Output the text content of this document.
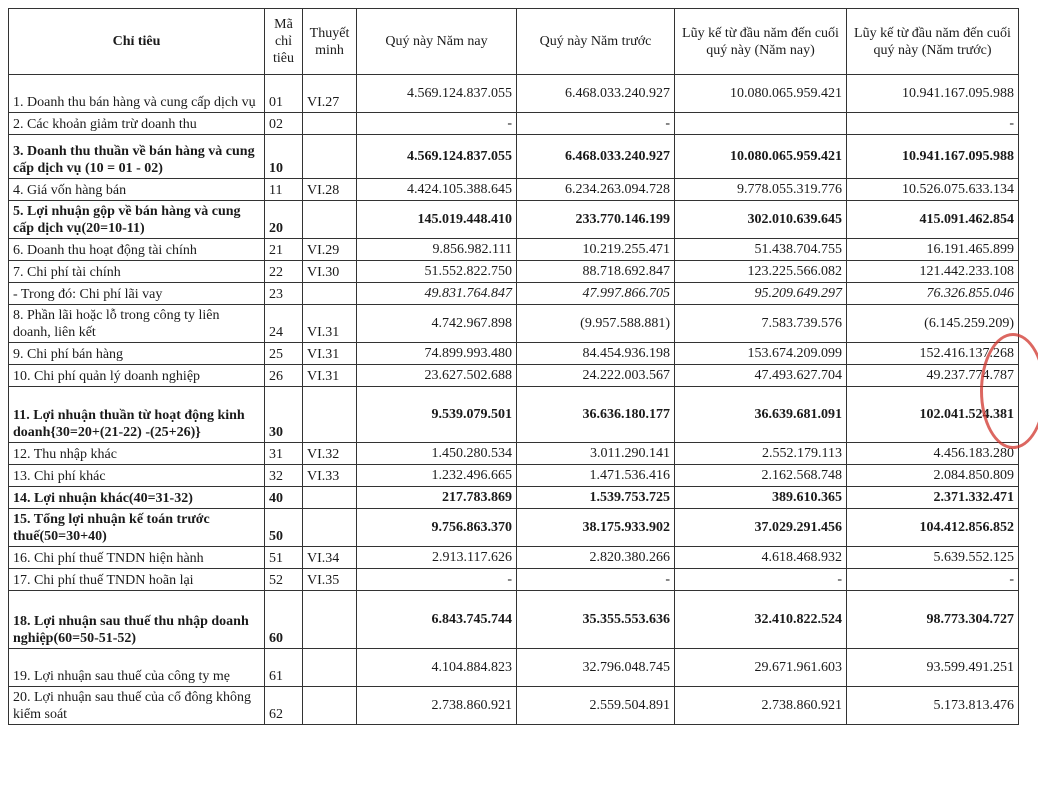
Chỉ tiêu	Mã chỉ tiêu	Thuyết minh	Quý này Năm nay	Quý này Năm trước	Lũy kế từ đầu năm đến cuối quý này (Năm nay)	Lũy kế từ đầu năm đến cuối quý này (Năm trước)
1. Doanh thu bán hàng và cung cấp dịch vụ	01	VI.27	4.569.124.837.055	6.468.033.240.927	10.080.065.959.421	10.941.167.095.988
2. Các khoản giảm trừ doanh thu	02		-	-		-
3. Doanh thu thuần về bán hàng và cung cấp dịch vụ (10 = 01 - 02)	10		4.569.124.837.055	6.468.033.240.927	10.080.065.959.421	10.941.167.095.988
4. Giá vốn hàng bán	11	VI.28	4.424.105.388.645	6.234.263.094.728	9.778.055.319.776	10.526.075.633.134
5. Lợi nhuận gộp về bán hàng và cung cấp dịch vụ(20=10-11)	20		145.019.448.410	233.770.146.199	302.010.639.645	415.091.462.854
6. Doanh thu hoạt động tài chính	21	VI.29	9.856.982.111	10.219.255.471	51.438.704.755	16.191.465.899
7. Chi phí tài chính	22	VI.30	51.552.822.750	88.718.692.847	123.225.566.082	121.442.233.108
- Trong đó: Chi phí lãi vay	23		49.831.764.847	47.997.866.705	95.209.649.297	76.326.855.046
8. Phần lãi hoặc lỗ trong công ty liên doanh, liên kết	24	VI.31	4.742.967.898	(9.957.588.881)	7.583.739.576	(6.145.259.209)
9. Chi phí bán hàng	25	VI.31	74.899.993.480	84.454.936.198	153.674.209.099	152.416.137.268
10. Chi phí quản lý doanh nghiệp	26	VI.31	23.627.502.688	24.222.003.567	47.493.627.704	49.237.774.787
11. Lợi nhuận thuần từ hoạt động kinh doanh{30=20+(21-22) -(25+26)}	30		9.539.079.501	36.636.180.177	36.639.681.091	102.041.524.381
12. Thu nhập khác	31	VI.32	1.450.280.534	3.011.290.141	2.552.179.113	4.456.183.280
13. Chi phí khác	32	VI.33	1.232.496.665	1.471.536.416	2.162.568.748	2.084.850.809
14. Lợi nhuận khác(40=31-32)	40		217.783.869	1.539.753.725	389.610.365	2.371.332.471
15. Tổng lợi nhuận kế toán trước thuế(50=30+40)	50		9.756.863.370	38.175.933.902	37.029.291.456	104.412.856.852
16. Chi phí thuế TNDN hiện hành	51	VI.34	2.913.117.626	2.820.380.266	4.618.468.932	5.639.552.125
17. Chi phí thuế TNDN hoãn lại	52	VI.35	-	-	-	-
18. Lợi nhuận sau thuế thu nhập doanh nghiệp(60=50-51-52)	60		6.843.745.744	35.355.553.636	32.410.822.524	98.773.304.727
19. Lợi nhuận sau thuế của công ty mẹ	61		4.104.884.823	32.796.048.745	29.671.961.603	93.599.491.251
20. Lợi nhuận sau thuế của cổ đông không kiểm soát	62		2.738.860.921	2.559.504.891	2.738.860.921	5.173.813.476
